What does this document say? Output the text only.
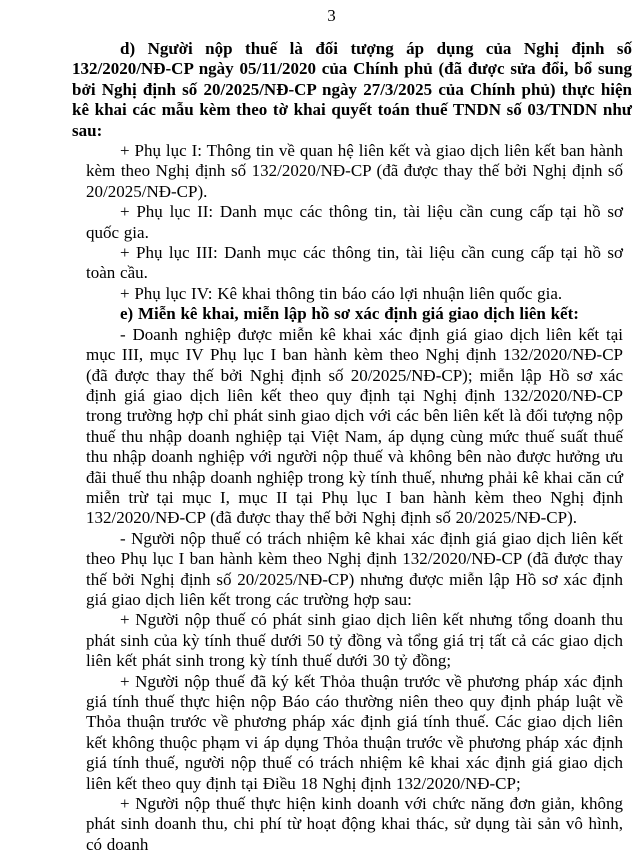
3

d) Người nộp thuế là đối tượng áp dụng của Nghị định số 132/2020/NĐ-CP ngày 05/11/2020 của Chính phủ (đã được sửa đổi, bổ sung bởi Nghị định số 20/2025/NĐ-CP ngày 27/3/2025 của Chính phủ) thực hiện kê khai các mẫu kèm theo tờ khai quyết toán thuế TNDN số 03/TNDN như sau:

+ Phụ lục I: Thông tin về quan hệ liên kết và giao dịch liên kết ban hành kèm theo Nghị định số 132/2020/NĐ-CP (đã được thay thế bởi Nghị định số 20/2025/NĐ-CP).

+ Phụ lục II: Danh mục các thông tin, tài liệu cần cung cấp tại hồ sơ quốc gia.

+ Phụ lục III: Danh mục các thông tin, tài liệu cần cung cấp tại hồ sơ toàn cầu.

+ Phụ lục IV: Kê khai thông tin báo cáo lợi nhuận liên quốc gia.

e) Miễn kê khai, miễn lập hồ sơ xác định giá giao dịch liên kết:

- Doanh nghiệp được miễn kê khai xác định giá giao dịch liên kết tại mục III, mục IV Phụ lục I ban hành kèm theo Nghị định 132/2020/NĐ-CP (đã được thay thế bởi Nghị định số 20/2025/NĐ-CP); miễn lập Hồ sơ xác định giá giao dịch liên kết theo quy định tại Nghị định 132/2020/NĐ-CP trong trường hợp chỉ phát sinh giao dịch với các bên liên kết là đối tượng nộp thuế thu nhập doanh nghiệp tại Việt Nam, áp dụng cùng mức thuế suất thuế thu nhập doanh nghiệp với người nộp thuế và không bên nào được hưởng ưu đãi thuế thu nhập doanh nghiệp trong kỳ tính thuế, nhưng phải kê khai căn cứ miễn trừ tại mục I, mục II tại Phụ lục I ban hành kèm theo Nghị định 132/2020/NĐ-CP (đã được thay thế bởi Nghị định số 20/2025/NĐ-CP).

- Người nộp thuế có trách nhiệm kê khai xác định giá giao dịch liên kết theo Phụ lục I ban hành kèm theo Nghị định 132/2020/NĐ-CP (đã được thay thế bởi Nghị định số 20/2025/NĐ-CP) nhưng được miễn lập Hồ sơ xác định giá giao dịch liên kết trong các trường hợp sau:

+ Người nộp thuế có phát sinh giao dịch liên kết nhưng tổng doanh thu phát sinh của kỳ tính thuế dưới 50 tỷ đồng và tổng giá trị tất cả các giao dịch liên kết phát sinh trong kỳ tính thuế dưới 30 tỷ đồng;

+ Người nộp thuế đã ký kết Thỏa thuận trước về phương pháp xác định giá tính thuế thực hiện nộp Báo cáo thường niên theo quy định pháp luật về Thỏa thuận trước về phương pháp xác định giá tính thuế. Các giao dịch liên kết không thuộc phạm vi áp dụng Thỏa thuận trước về phương pháp xác định giá tính thuế, người nộp thuế có trách nhiệm kê khai xác định giá giao dịch liên kết theo quy định tại Điều 18 Nghị định 132/2020/NĐ-CP;

+ Người nộp thuế thực hiện kinh doanh với chức năng đơn giản, không phát sinh doanh thu, chi phí từ hoạt động khai thác, sử dụng tài sản vô hình, có doanh
